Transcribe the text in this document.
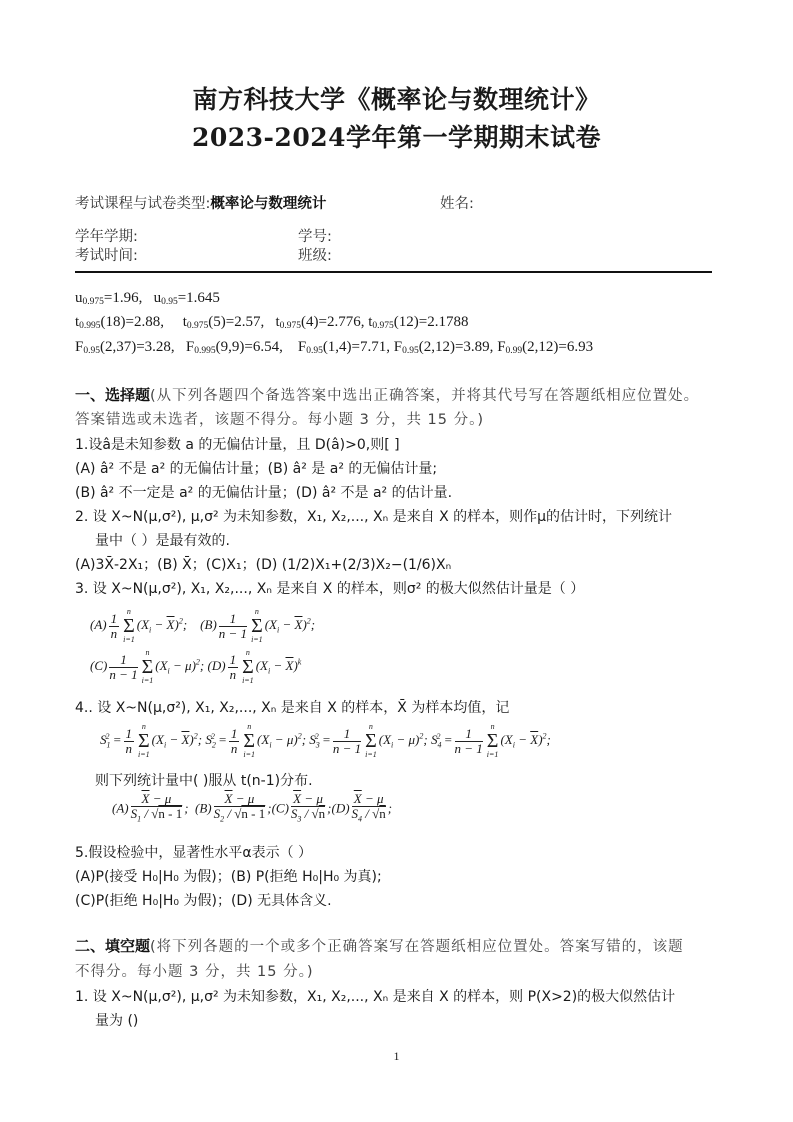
南方科技大学《概率论与数理统计》
2023-2024学年第一学期期末试卷
考试课程与试卷类型:概率论与数理统计	姓名:
学年学期:	学号:
考试时间:	班级:
$u_{0.975}=1.96$, $u_{0.95}=1.645$
$t_{0.995}(18)=2.88$, $t_{0.975}(5)=2.57$, $t_{0.975}(4)=2.776$, $t_{0.975}(12)=2.1788$
$F_{0.95}(2,37)=3.28$, $F_{0.995}(9,9)=6.54$, $F_{0.95}(1,4)=7.71$, $F_{0.95}(2,12)=3.89$, $F_{0.99}(2,12)=6.93$
一、选择题(从下列各题四个备选答案中选出正确答案，并将其代号写在答题纸相应位置处。
答案错选或未选者，该题不得分。每小题 3 分，共 15 分。)
1.设â是未知参数 a 的无偏估计量，且 D(â)>0,则[ ]
(A) â² 不是 a² 的无偏估计量；(B) â² 是 a² 的无偏估计量;
(B) â² 不一定是 a² 的无偏估计量；(D) â² 不是 a² 的估计量.
2. 设 X~N(μ,σ²), μ,σ² 为未知参数，X₁, X₂,..., Xₙ 是来自 X 的样本，则作μ的估计时，下列统计
量中（ ）是最有效的.
(A)3X̄-2X₁；(B) X̄；(C)X₁；(D) (1/2)X₁+(2/3)X₂−(1/6)Xₙ
3. 设 X~N(μ,σ²), X₁, X₂,..., Xₙ 是来自 X 的样本，则σ² 的极大似然估计量是（ ）
$(A) \frac{1}{n}$ n
Σ
i=1
$(X_i - \overline{X})^2$;    $(B) \frac{1}{n - 1}$ n
Σ
i=1
$(X_i - \overline{X})^2$;
$(C) \frac{1}{n - 1}$ n
Σ
i=1
$(X_i - \mu)^2$; $(D) \frac{1}{n}$ n
Σ
i=1
$(X_i - \overline{X})^k$
4.. 设 X~N(μ,σ²), X₁, X₂,..., Xₙ 是来自 X 的样本，X̄ 为样本均值，记
$S_1^2 = \frac{1}{n}$ n
Σ
i=1
$(X_i - \overline{X})^2$; $S_2^2 = \frac{1}{n}$ n
Σ
i=1
$(X_i - \mu)^2$; $S_3^2 = \frac{1}{n - 1}$ n
Σ
i=1
$(X_i - \mu)^2$; $S_4^2 = \frac{1}{n - 1}$ n
Σ
i=1
$(X_i - \overline{X})^2$;
则下列统计量中( )服从 t(n-1)分布.
$(A) \frac{\overline{X} - \mu}{S_1 / √n - 1}$ ;  $(B) \frac{\overline{X} - \mu}{S_2 / √n - 1}$ ;(C) $\frac{\overline{X} - \mu}{S_3 / √n}$ ;(D) $\frac{\overline{X} - \mu}{S_4 / √n}$ ;
5.假设检验中，显著性水平α表示（ ）
(A)P(接受 H₀|H₀ 为假)；(B) P(拒绝 H₀|H₀ 为真);
(C)P(拒绝 H₀|H₀ 为假)；(D) 无具体含义.
二、填空题(将下列各题的一个或多个正确答案写在答题纸相应位置处。答案写错的，该题
不得分。每小题 3 分，共 15 分。)
1. 设 X~N(μ,σ²), μ,σ² 为未知参数，X₁, X₂,..., Xₙ 是来自 X 的样本，则 P(X>2)的极大似然估计
量为 ()
1
